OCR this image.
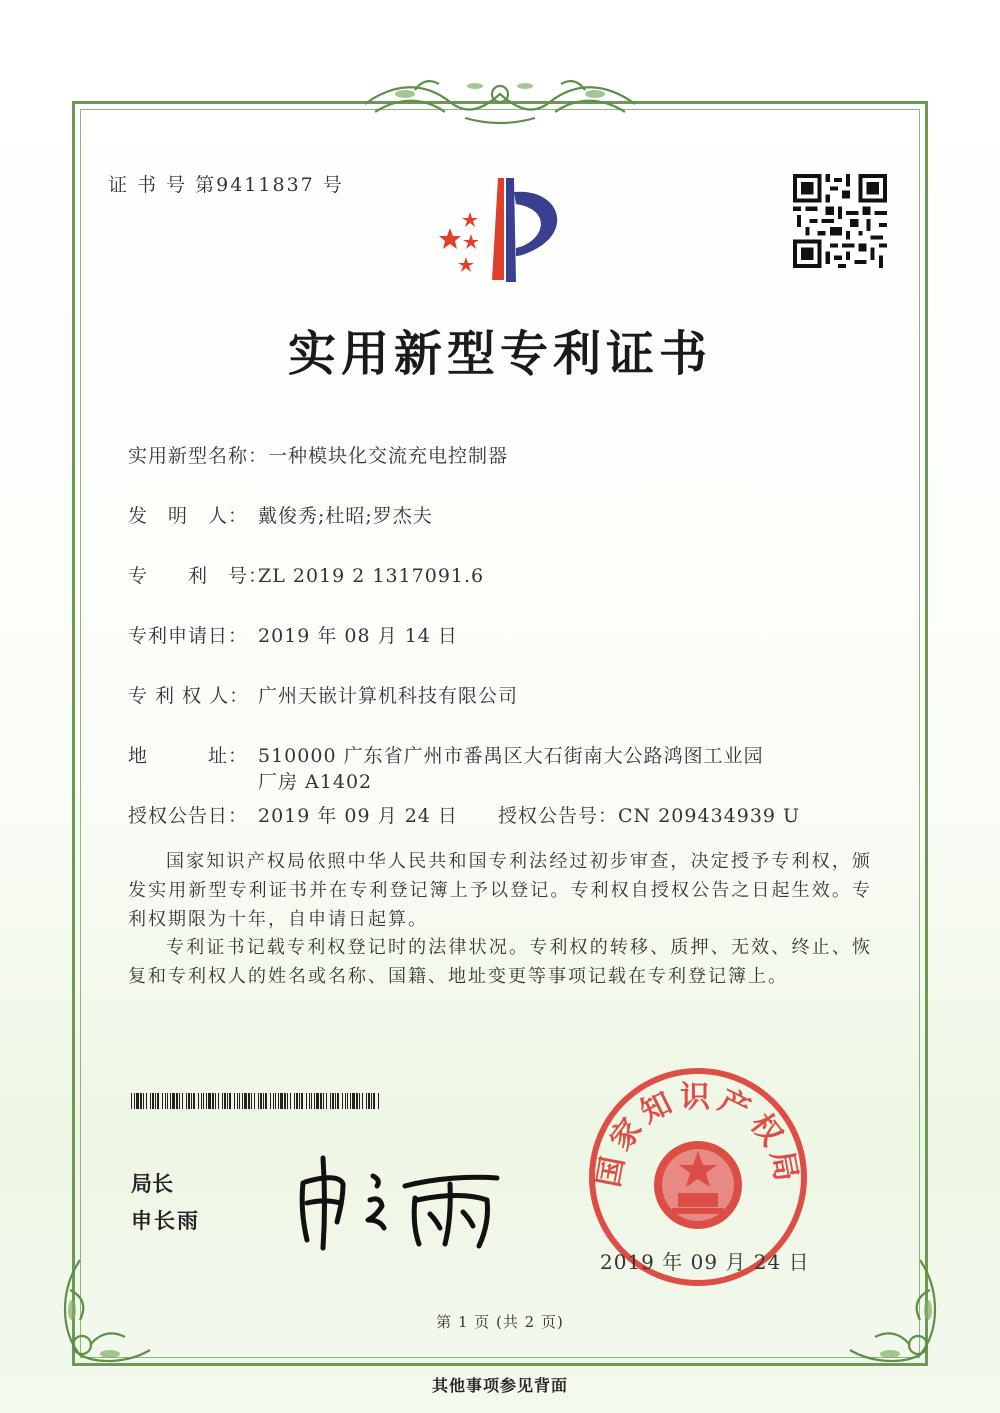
证 书 号 第9411837 号
实用新型专利证书
实用新型名称：一种模块化交流充电控制器
发　明　人： 戴俊秀;杜昭;罗杰夫
专　　利　号：ZL 2019 2 1317091.6
专利申请日： 2019 年 08 月 14 日
专 利 权 人： 广州天嵌计算机科技有限公司
地　　　址： 510000 广东省广州市番禺区大石街南大公路鸿图工业园
厂房 A1402
授权公告日： 2019 年 09 月 24 日 授权公告号：CN 209434939 U
国家知识产权局依照中华人民共和国专利法经过初步审查，决定授予专利权，颁发实用新型专利证书并在专利登记簿上予以登记。专利权自授权公告之日起生效。专利权期限为十年，自申请日起算。
专利证书记载专利权登记时的法律状况。专利权的转移、质押、无效、终止、恢复和专利权人的姓名或名称、国籍、地址变更等事项记载在专利登记簿上。
局长
申长雨
国家知识产权局
2019 年 09 月 24 日
第 1 页 (共 2 页)
其他事项参见背面
